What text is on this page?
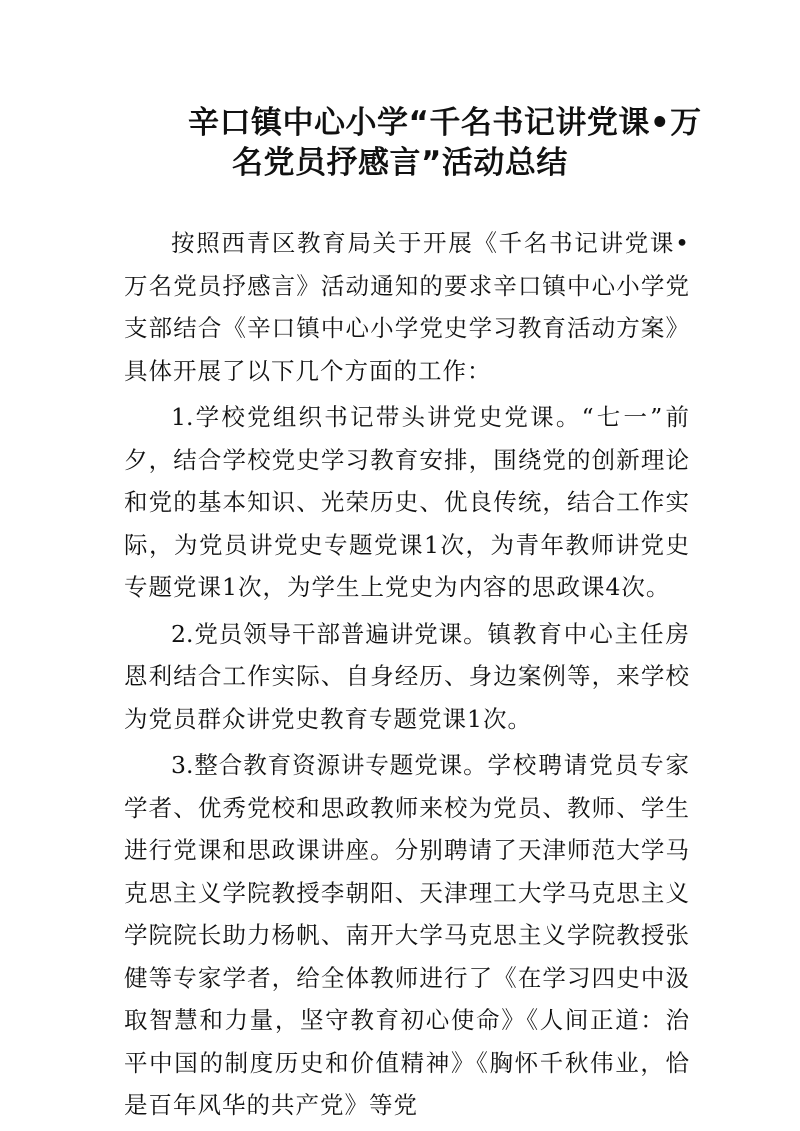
辛口镇中心小学“千名书记讲党课•万
名党员抒感言”活动总结

按照西青区教育局关于开展《千名书记讲党课•万名党员抒感言》活动通知的要求辛口镇中心小学党支部结合《辛口镇中心小学党史学习教育活动方案》具体开展了以下几个方面的工作：

1.学校党组织书记带头讲党史党课。“七一”前夕，结合学校党史学习教育安排，围绕党的创新理论和党的基本知识、光荣历史、优良传统，结合工作实际，为党员讲党史专题党课1次，为青年教师讲党史专题党课1次，为学生上党史为内容的思政课4次。

2.党员领导干部普遍讲党课。镇教育中心主任房恩利结合工作实际、自身经历、身边案例等，来学校为党员群众讲党史教育专题党课1次。

3.整合教育资源讲专题党课。学校聘请党员专家学者、优秀党校和思政教师来校为党员、教师、学生进行党课和思政课讲座。分别聘请了天津师范大学马克思主义学院教授李朝阳、天津理工大学马克思主义学院院长助力杨帆、南开大学马克思主义学院教授张健等专家学者，给全体教师进行了《在学习四史中汲取智慧和力量，坚守教育初心使命》《人间正道：治平中国的制度历史和价值精神》《胸怀千秋伟业，恰是百年风华的共产党》等党
